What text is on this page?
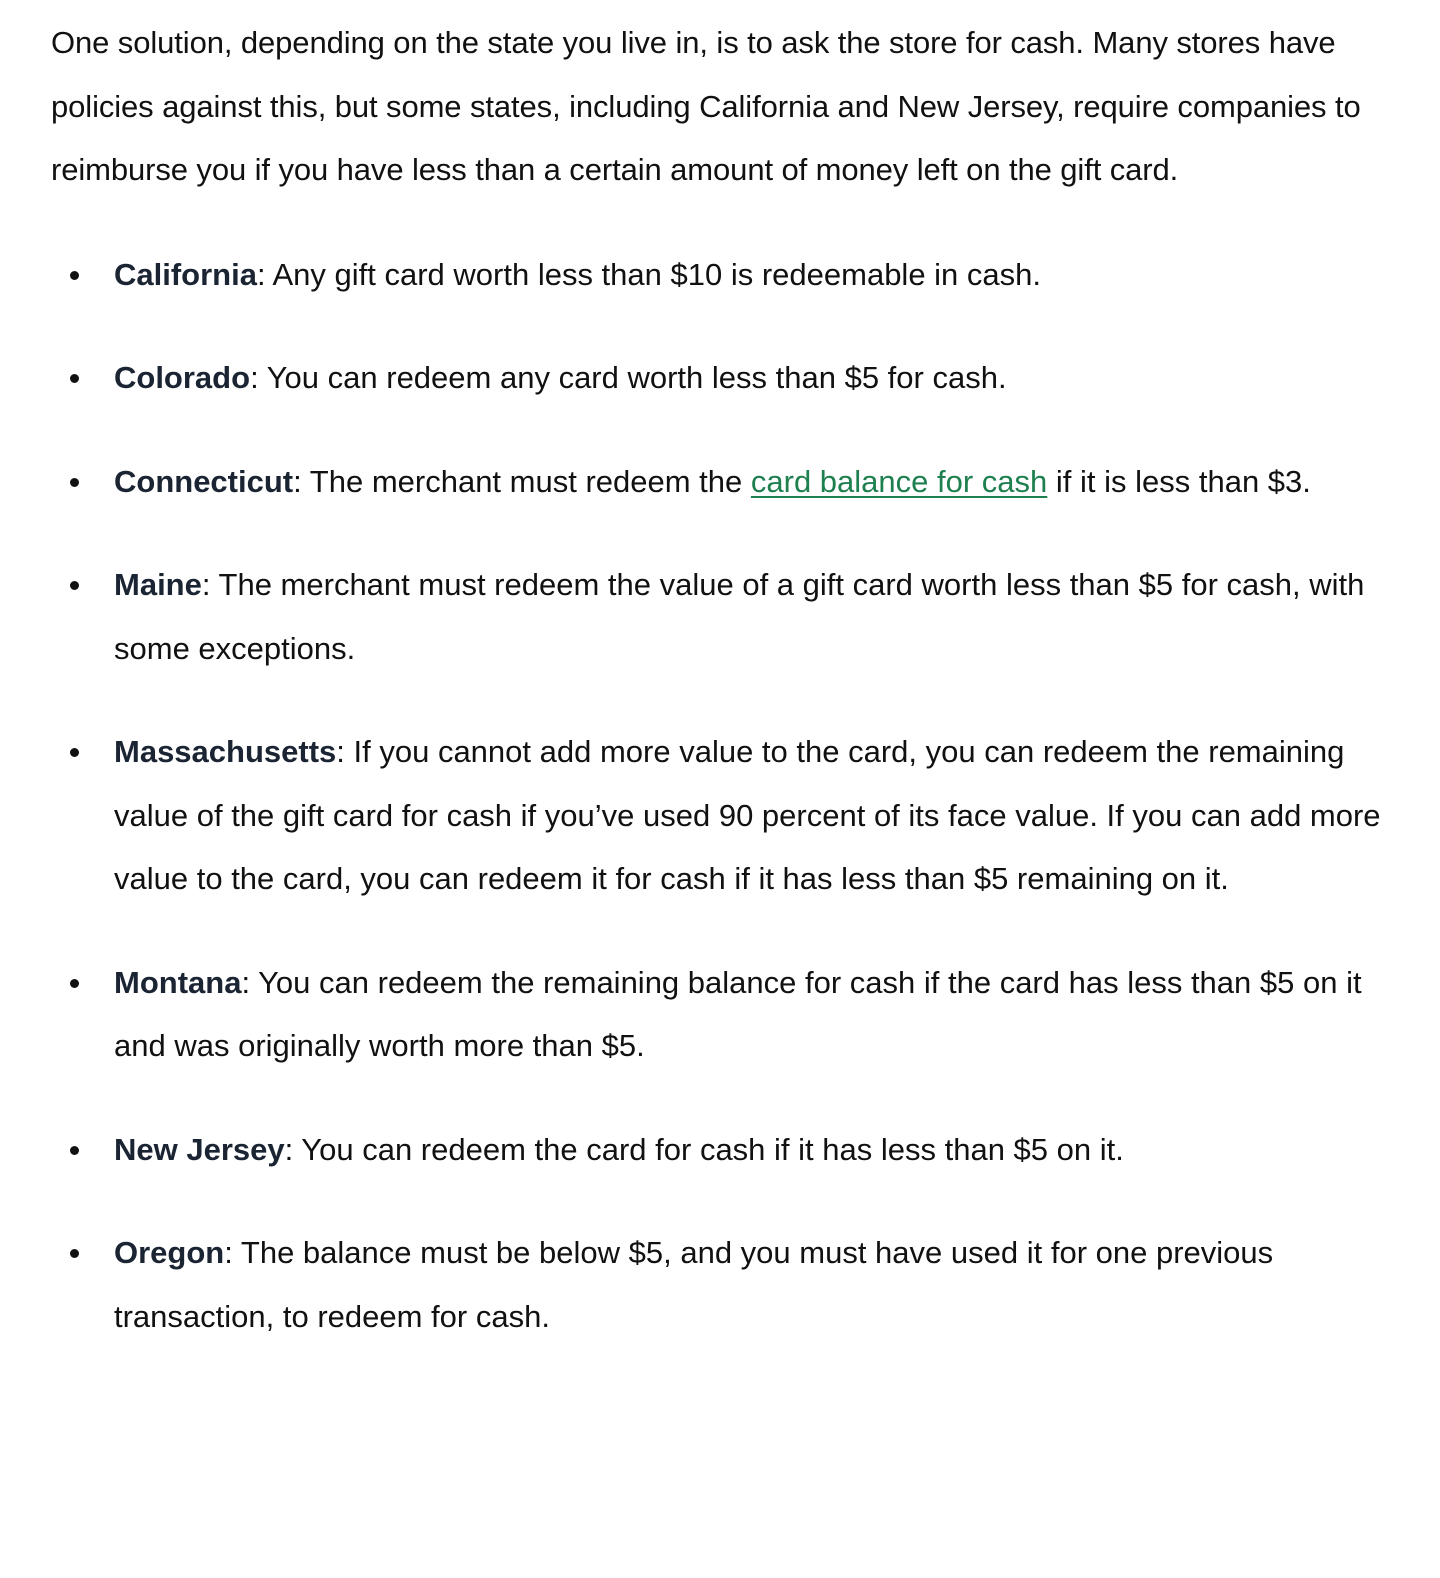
One solution, depending on the state you live in, is to ask the store for cash. Many stores have policies against this, but some states, including California and New Jersey, require companies to reimburse you if you have less than a certain amount of money left on the gift card.

California: Any gift card worth less than $10 is redeemable in cash.
Colorado: You can redeem any card worth less than $5 for cash.
Connecticut: The merchant must redeem the card balance for cash if it is less than $3.
Maine: The merchant must redeem the value of a gift card worth less than $5 for cash, with some exceptions.
Massachusetts: If you cannot add more value to the card, you can redeem the remaining value of the gift card for cash if you’ve used 90 percent of its face value. If you can add more value to the card, you can redeem it for cash if it has less than $5 remaining on it.
Montana: You can redeem the remaining balance for cash if the card has less than $5 on it and was originally worth more than $5.
New Jersey: You can redeem the card for cash if it has less than $5 on it.
Oregon: The balance must be below $5, and you must have used it for one previous transaction, to redeem for cash.
